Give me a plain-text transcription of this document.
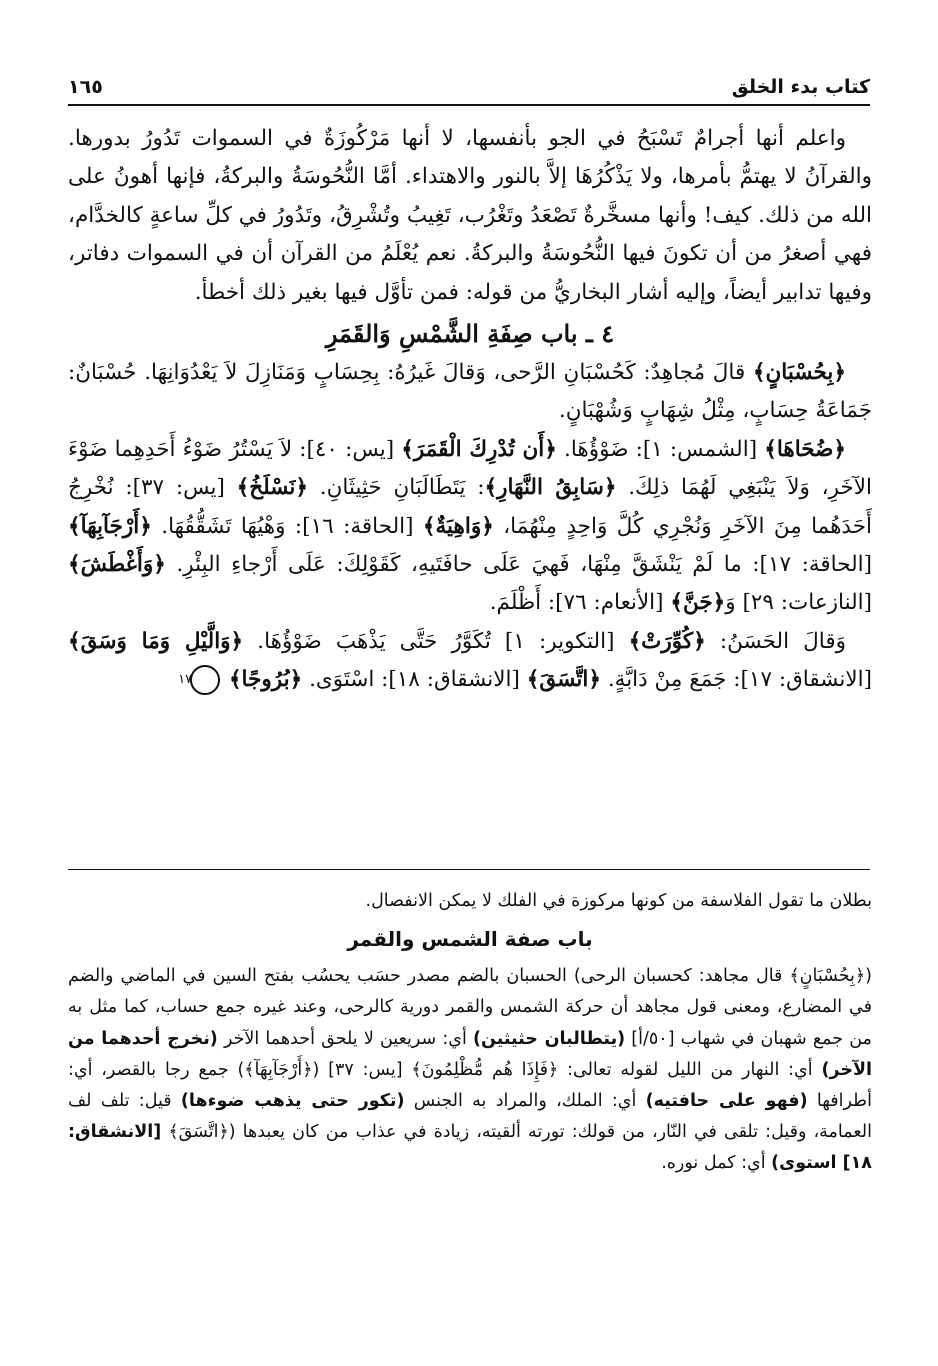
كتاب بدء الخلق
١٦٥

واعلم أنها أجرامٌ تَسْبَحُ في الجو بأنفسها، لا أنها مَرْكُوزَةٌ في السموات تَدُورُ بدورها. والقرآنُ لا يهتمُّ بأمرها، ولا يَذْكُرُهَا إلاَّ بالنور والاهتداء. أمَّا النُّحُوسَةُ والبركةُ، فإنها أهونُ على الله من ذلك. كيف! وأنها مسخَّرةٌ تَصْعَدُ وتَغْرُب، تَغِيبُ وتُشْرِقُ، وتَدُورُ في كلِّ ساعةٍ كالخدَّام، فهي أصغرُ من أن تكونَ فيها النُّحُوسَةُ والبركةُ. نعم يُعْلَمُ من القرآن أن في السموات دفاتر، وفيها تدابير أيضاً، وإليه أشار البخاريُّ من قوله: فمن تأوَّل فيها بغير ذلك أخطأ.

٤ ـ باب صِفَةِ الشَّمْسِ وَالقَمَرِ

﴿بِحُسْبَانٍ﴾ قالَ مُجاهِدٌ: كَحُسْبَانِ الرَّحى، وَقالَ غَيرُهُ: بِحِسَابٍ وَمَنَازِلَ لاَ يَعْدُوَانِهَا. حُسْبَانٌ: جَمَاعَةُ حِسَابٍ، مِثْلُ شِهَابٍ وَشُهْبَانٍ.

﴿ضُحَاهَا﴾ [الشمس: ١]: ضَوْؤُهَا. ﴿أَن تُدْرِكَ الْقَمَرَ﴾ [يس: ٤٠]: لاَ يَسْتُرُ ضَوْءُ أَحَدِهِما ضَوْءَ الآخَرِ، وَلاَ يَنْبَغِي لَهُمَا ذلِكَ. ﴿سَابِقُ النَّهَارِ﴾: يَتَطَالَبَانِ حَثِيثَانِ. ﴿نَسْلَخُ﴾ [يس: ٣٧]: نُخْرِجُ أَحَدَهُما مِنَ الآخَرِ وَنُجْرِي كُلَّ وَاحِدٍ مِنْهُمَا، ﴿وَاهِيَةٌ﴾ [الحاقة: ١٦]: وَهْيُهَا تَشَقُّقُهَا. ﴿أَرْجَآبِهَآ﴾ [الحاقة: ١٧]: ما لَمْ يَنْشَقَّ مِنْهَا، فَهيَ عَلَى حافَتَيهِ، كَقَوْلِكَ: عَلَى أَرْجاءِ البِئْرِ. ﴿وَأَغْطَشَ﴾ [النازعات: ٢٩] وَ﴿جَنَّ﴾ [الأنعام: ٧٦]: أَظْلَمَ.

وَقالَ الحَسَنُ: ﴿كُوِّرَتْ﴾ [التكوير: ١] تُكَوَّرُ حَتَّى يَذْهَبَ ضَوْؤُهَا. ﴿وَالَّيْلِ وَمَا وَسَقَ﴾ [الانشقاق: ١٧]: جَمَعَ مِنْ دَابَّةٍ. ﴿اتَّسَقَ﴾ [الانشقاق: ١٨]: اسْتَوَى. ﴿بُرُوجًا﴾ ١٧

بطلان ما تقول الفلاسفة من كونها مركوزة في الفلك لا يمكن الانفصال.

باب صفة الشمس والقمر

(﴿بِحُسْبَانٍ﴾ قال مجاهد: كحسبان الرحى) الحسبان بالضم مصدر حسَب يحسُب بفتح السين في الماضي والضم في المضارع، ومعنى قول مجاهد أن حركة الشمس والقمر دورية كالرحى، وعند غيره جمع حساب، كما مثل به من جمع شهبان في شهاب [٥٠/أ] (يتطالبان حثيثين) أي: سريعين لا يلحق أحدهما الآخر (نخرج أحدهما من الآخر) أي: النهار من الليل لقوله تعالى: ﴿فَإِذَا هُم مُّظْلِمُونَ﴾ [يس: ٣٧] (﴿أَرْجَآبِهَآ﴾) جمع رجا بالقصر، أي: أطرافها (فهو على حافتيه) أي: الملك، والمراد به الجنس (تكور حتى يذهب ضوءها) قيل: تلف لف العمامة، وقيل: تلقى في النّار، من قولك: تورته ألقيته، زيادة في عذاب من كان يعبدها (﴿اتَّسَقَ﴾ [الانشقاق: ١٨] استوى) أي: كمل نوره.
